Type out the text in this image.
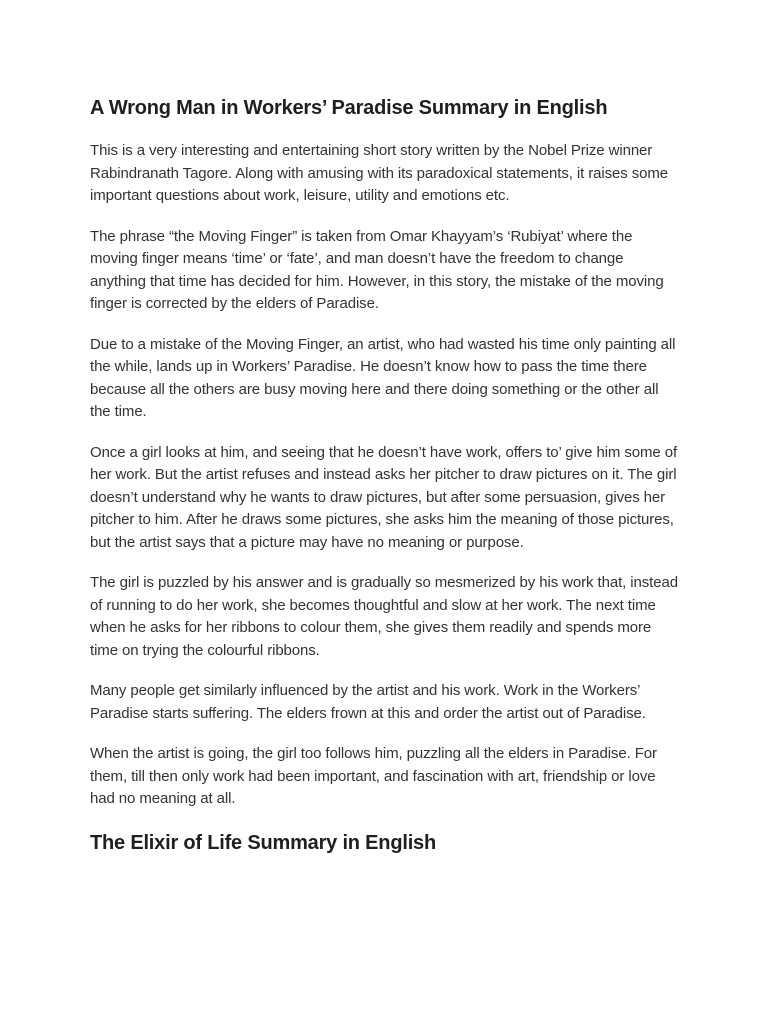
A Wrong Man in Workers’ Paradise Summary in English

This is a very interesting and entertaining short story written by the Nobel Prize winner Rabindranath Tagore. Along with amusing with its paradoxical statements, it raises some important questions about work, leisure, utility and emotions etc.

The phrase “the Moving Finger” is taken from Omar Khayyam’s ‘Rubiyat’ where the moving finger means ‘time’ or ‘fate’, and man doesn’t have the freedom to change anything that time has decided for him. However, in this story, the mistake of the moving finger is corrected by the elders of Paradise.

Due to a mistake of the Moving Finger, an artist, who had wasted his time only painting all the while, lands up in Workers’ Paradise. He doesn’t know how to pass the time there because all the others are busy moving here and there doing something or the other all the time.

Once a girl looks at him, and seeing that he doesn’t have work, offers to’ give him some of her work. But the artist refuses and instead asks her pitcher to draw pictures on it. The girl doesn’t understand why he wants to draw pictures, but after some persuasion, gives her pitcher to him. After he draws some pictures, she asks him the meaning of those pictures, but the artist says that a picture may have no meaning or purpose.

The girl is puzzled by his answer and is gradually so mesmerized by his work that, instead of running to do her work, she becomes thoughtful and slow at her work. The next time when he asks for her ribbons to colour them, she gives them readily and spends more time on trying the colourful ribbons.

Many people get similarly influenced by the artist and his work. Work in the Workers’ Paradise starts suffering. The elders frown at this and order the artist out of Paradise.

When the artist is going, the girl too follows him, puzzling all the elders in Paradise. For them, till then only work had been important, and fascination with art, friendship or love had no meaning at all.

The Elixir of Life Summary in English
